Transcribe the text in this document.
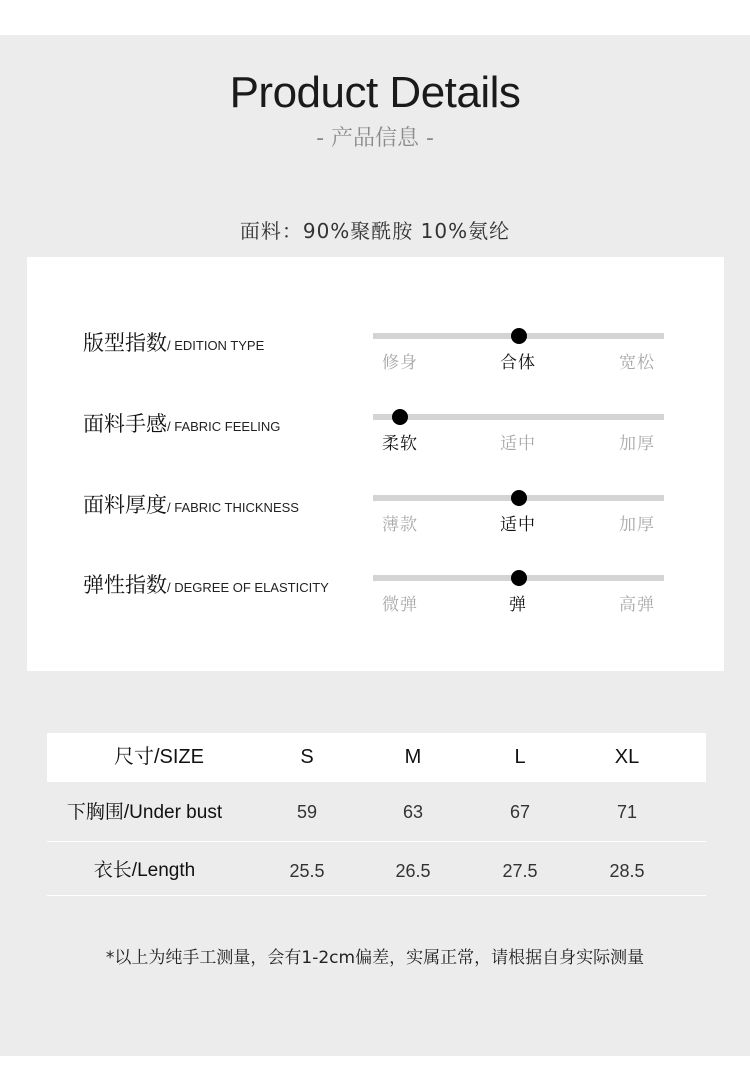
Product Details
- 产品信息 -
面料：90%聚酰胺 10%氨纶
版型指数/ EDITION TYPE
修身	合体	宽松
面料手感/ FABRIC FEELING
柔软	适中	加厚
面料厚度/ FABRIC THICKNESS
薄款	适中	加厚
弹性指数/ DEGREE OF ELASTICITY
微弹	弹	高弹
尺寸/SIZE	S	M	L	XL
下胸围/Under bust	59	63	67	71
衣长/Length	25.5	26.5	27.5	28.5
*以上为纯手工测量，会有1-2cm偏差，实属正常，请根据自身实际测量
